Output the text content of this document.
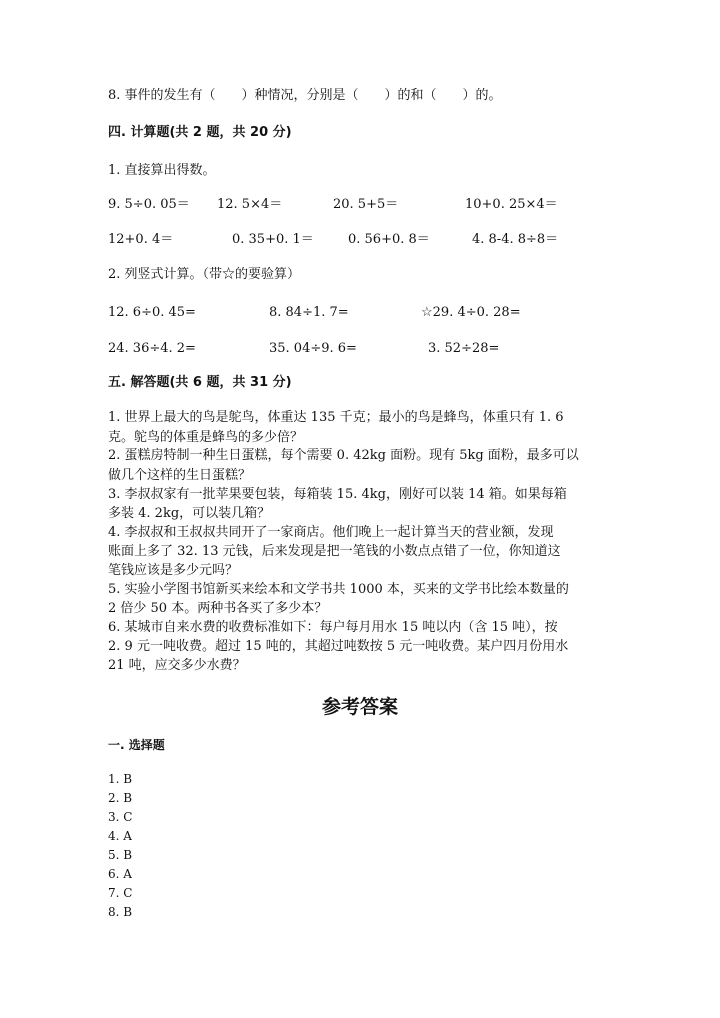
8. 事件的发生有（　　）种情况，分别是（　　）的和（　　）的。
四. 计算题(共 2 题，共 20 分)
1. 直接算出得数。
9. 5÷0. 05＝ 12. 5×4＝	20. 5+5＝	10+0. 25×4＝
12+0. 4＝	0. 35+0. 1＝	0. 56+0. 8＝	4. 8-4. 8÷8＝
2. 列竖式计算。（带☆的要验算）
12. 6÷0. 45=	8. 84÷1. 7=	☆29. 4÷0. 28=
24. 36÷4. 2=	35. 04÷9. 6=	3. 52÷28=
五. 解答题(共 6 题，共 31 分)
1. 世界上最大的鸟是鸵鸟，体重达 135 千克；最小的鸟是蜂鸟，体重只有 1. 6
克。鸵鸟的体重是蜂鸟的多少倍？
2. 蛋糕房特制一种生日蛋糕，每个需要 0. 42kg 面粉。现有 5kg 面粉，最多可以
做几个这样的生日蛋糕？
3. 李叔叔家有一批苹果要包装，每箱装 15. 4kg，刚好可以装 14 箱。如果每箱
多装 4. 2kg，可以装几箱？
4. 李叔叔和王叔叔共同开了一家商店。他们晚上一起计算当天的营业额，发现
账面上多了 32. 13 元钱，后来发现是把一笔钱的小数点点错了一位，你知道这
笔钱应该是多少元吗？
5. 实验小学图书馆新买来绘本和文学书共 1000 本，买来的文学书比绘本数量的
2 倍少 50 本。两种书各买了多少本？
6. 某城市自来水费的收费标准如下：每户每月用水 15 吨以内（含 15 吨），按
2. 9 元一吨收费。超过 15 吨的，其超过吨数按 5 元一吨收费。某户四月份用水
21 吨，应交多少水费？
参考答案
一. 选择题
1. B
2. B
3. C
4. A
5. B
6. A
7. C
8. B
